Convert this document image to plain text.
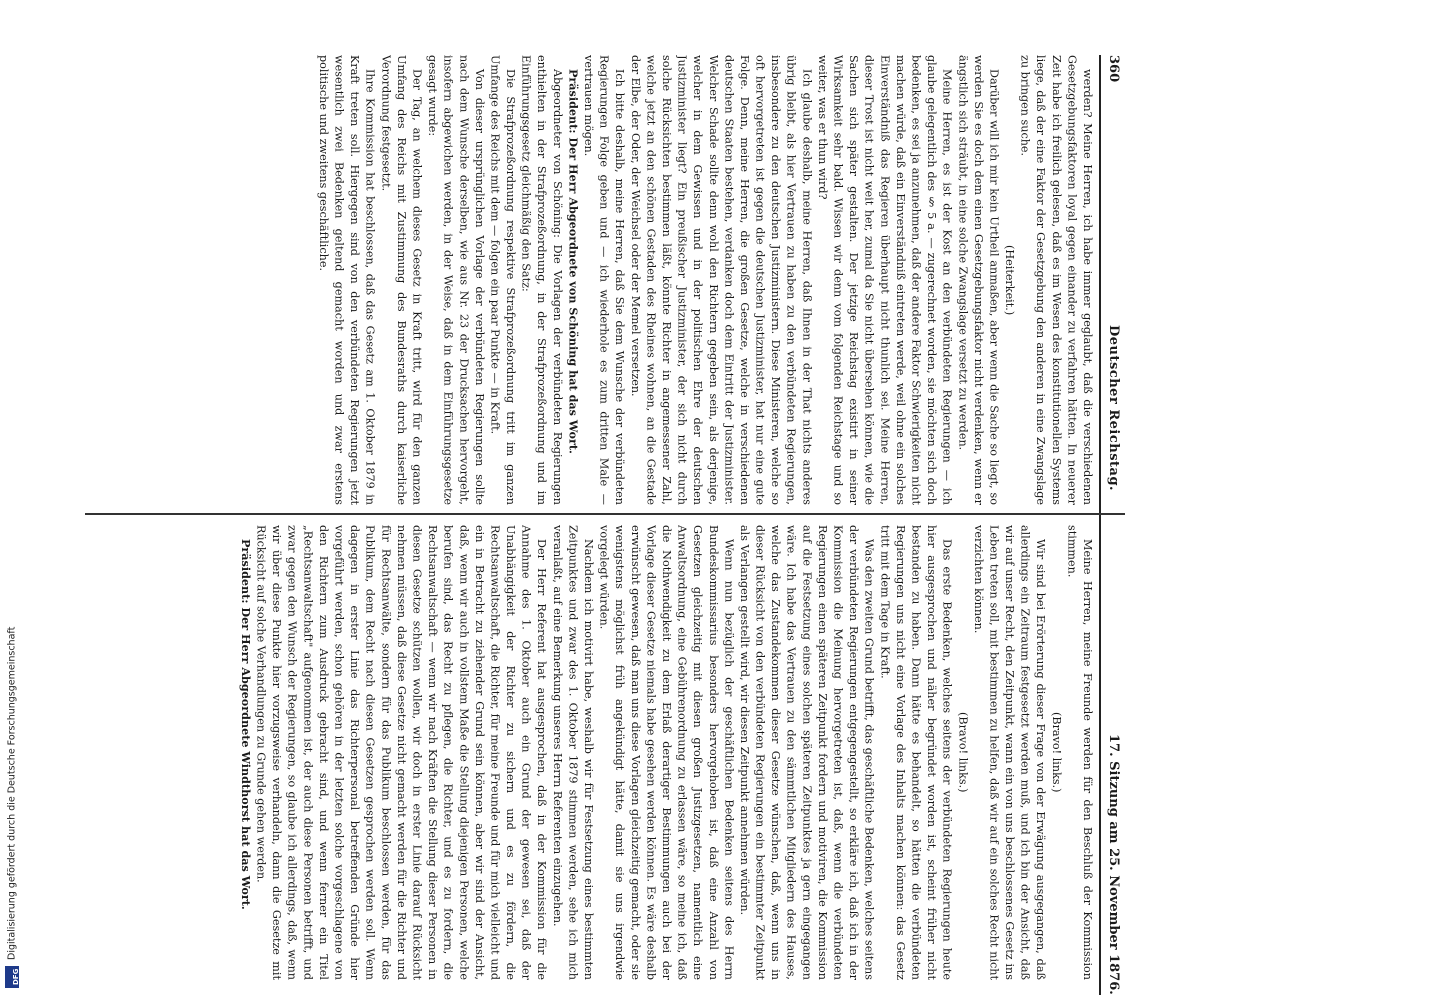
360
Deutscher Reichstag.
17. Sitzung am 25. November 1876.

werden? Meine Herren, ich habe immer geglaubt, daß die verschiedenen Gesetzgebungsfaktoren loyal gegen einander zu verfahren hätten. In neuerer Zeit habe ich freilich gelesen, daß es im Wesen des konstitutionellen Systems liege, daß der eine Faktor der Gesetzgebung den anderen in eine Zwangslage zu bringen suche.

(Heiterkeit.)

Darüber will ich mir kein Urtheil anmaßen, aber wenn die Sache so liegt, so werden Sie es doch dem einen Gesetzgebungsfaktor nicht verdenken, wenn er ängstlich sich sträubt, in eine solche Zwangslage versetzt zu werden.

Meine Herren, es ist der Kost an den verbündeten Regierungen — ich glaube gelegentlich des § 5 a. — zugerechnet worden, sie möchten sich doch bedenken, es sei ja anzunehmen, daß der andere Faktor Schwierigkeiten nicht machen würde, daß ein Einverständniß eintreten werde, weil ohne ein solches Einverständniß das Regieren überhaupt nicht thunlich sei. Meine Herren, dieser Trost ist nicht weit her, zumal da Sie nicht übersehen können, wie die Sachen sich später gestalten. Der jetzige Reichstag existirt in seiner Wirksamkeit sehr bald. Wissen wir denn vom folgenden Reichstage und so weiter, was er thun wird?

Ich glaube deshalb, meine Herren, daß Ihnen in der That nichts anderes übrig bleibt, als hier Vertrauen zu haben zu den verbündeten Regierungen, insbesondere zu den deutschen Justizministern. Diese Ministeren, welche so oft hervorgetreten ist gegen die deutschen Justizminister, hat nur eine gute Folge. Denn, meine Herren, die großen Gesetze, welche in verschiedenen deutschen Staaten bestehen, verdanken doch dem Eintritt der Justizminister. Welcher Schade sollte denn wohl den Richtern gegeben sein, als derjenige, welcher in dem Gewissen und in der politischen Ehre der deutschen Justizminister liegt? Ein preußischer Justizminister, der sich nicht durch solche Rücksichten bestimmen läßt, könnte Richter in angemessener Zahl, welche jetzt an den schönen Gestaden des Rheines wohnen, an die Gestade der Elbe, der Oder, der Weichsel oder der Memel versetzen.

Ich bitte deshalb, meine Herren, daß Sie dem Wunsche der verbündeten Regierungen Folge geben und — ich wiederhole es zum dritten Male — vertrauen mögen.

Präsident: Der Herr Abgeordnete von Schöning hat das Wort.

Abgeordneter von Schöning: Die Vorlagen der verbündeten Regierungen enthielten in der Strafprozeßordnung, in der Strafprozeßordnung und im Einführungsgesetz gleichmäßig den Satz:

Die Strafprozeßordnung respektive Strafprozeßordnung tritt im ganzen Umfange des Reichs mit dem — folgen ein paar Punkte — in Kraft.

Von dieser ursprünglichen Vorlage der verbündeten Regierungen sollte nach dem Wunsche derselben, wie aus Nr. 23 der Drucksachen hervorgeht, insofern abgewichen werden, in der Weise, daß in dem Einführungsgesetze gesagt wurde:

Der Tag, an welchem dieses Gesetz in Kraft tritt, wird für den ganzen Umfang des Reichs mit Zustimmung des Bundesraths durch kaiserliche Verordnung festgesetzt.

Ihre Kommission hat beschlossen, daß das Gesetz am 1. Oktober 1879 in Kraft treten soll. Hiergegen sind von den verbündeten Regierungen jetzt wesentlich zwei Bedenken geltend gemacht worden und zwar erstens politische und zweitens geschäftliche.

Meine Herren, meine Freunde werden für den Beschluß der Kommission stimmen.

(Bravo! links.)

Wir sind bei Erörterung dieser Frage von der Erwägung ausgegangen, daß allerdings ein Zeitraum festgesetzt werden muß, und ich bin der Ansicht, daß wir auf unser Recht, den Zeitpunkt, wann ein von uns beschlossenes Gesetz ins Leben treten soll, mit bestimmen zu helfen, daß wir auf ein solches Recht nicht verzichten können.

(Bravo! links.)

Das erste Bedenken, welches seitens der verbündeten Regierungen heute hier ausgesprochen und näher begründet worden ist, scheint früher nicht bestanden zu haben. Dann hätte es behandelt, so hätten die verbündeten Regierungen uns nicht eine Vorlage des Inhalts machen können: das Gesetz tritt mit dem Tage in Kraft.

Was den zweiten Grund betrifft, das geschäftliche Bedenken, welches seitens der verbündeten Regierungen entgegengestellt, so erkläre ich, daß ich in der Kommission die Meinung hervorgetreten ist, daß, wenn die verbündeten Regierungen einen späteren Zeitpunkt fordern und motiviren, die Kommission auf die Festsetzung eines solchen späteren Zeitpunktes ja gern eingegangen wäre. Ich habe das Vertrauen zu den sämmtlichen Mitgliedern des Hauses, welche das Zustandekommen dieser Gesetze wünschen, daß, wenn uns in dieser Rücksicht von den verbündeten Regierungen ein bestimmter Zeitpunkt als Verlangen gestellt wird, wir diesen Zeitpunkt annehmen würden.

Wenn nun bezüglich der geschäftlichen Bedenken seitens des Herrn Bundeskommissarius besonders hervorgehoben ist, daß eine Anzahl von Gesetzen gleichzeitig mit diesen großen Justizgesetzen, namentlich eine Anwaltsordnung, eine Gebührenordnung zu erlassen wäre, so meine ich, daß die Nothwendigkeit zu dem Erlaß derartiger Bestimmungen auch bei der Vorlage dieser Gesetze niemals habe gesehen werden können. Es wäre deshalb erwünscht gewesen, daß man uns diese Vorlagen gleichzeitig gemacht, oder sie wenigstens möglichst früh angekündigt hätte, damit sie uns irgendwie vorgelegt würden.

Nachdem ich motivirt habe, weshalb wir für Festsetzung eines bestimmten Zeitpunktes und zwar des 1. Oktober 1879 stimmen werden, sehe ich mich veranlaßt, auf eine Bemerkung unseres Herrn Referenten einzugehen.

Der Herr Referent hat ausgesprochen, daß in der Kommission für die Annahme des 1. Oktober auch ein Grund der gewesen sei, daß der Unabhängigkeit der Richter zu sichern und es zu fördern, die Rechtsanwaltschaft, die Richter, für meine Freunde und für mich vielleicht und ein in Betracht zu ziehender Grund sein können, aber wir sind der Ansicht, daß, wenn wir auch in vollstem Maße die Stellung diejenigen Personen, welche berufen sind, das Recht zu pflegen, die Richter, und es zu fordern, die Rechtsanwaltschaft — wenn wir nach Kräften die Stellung dieser Personen in diesen Gesetze schützen wollen, wir doch in erster Linie darauf Rücksicht nehmen müssen, daß diese Gesetze nicht gemacht werden für die Richter und für Rechtsanwälte, sondern für das Publikum beschlossen werden, für das Publikum, dem Recht nach diesen Gesetzen gesprochen werden soll. Wenn dagegen in erster Linie das Richterpersonal betreffenden Gründe hier vorgeführt werden, schon gehören in der letzten solche vorgeschlagene von den Richtern zum Ausdruck gebracht sind, und wenn ferner ein Titel „Rechtsanwaltschaft" aufgenommen ist, der auch diese Personen betrifft, und zwar gegen den Wunsch der Regierungen, so glaube ich allerdings, daß, wenn wir über diese Punkte hier vorzugsweise verhandeln, dann die Gesetze mit Rücksicht auf solche Verhandlungen zu Grunde gehen werden.

Präsident: Der Herr Abgeordnete Windthorst hat das Wort.

DFG
Digitalisierung gefördert durch die Deutsche Forschungsgemeinschaft
